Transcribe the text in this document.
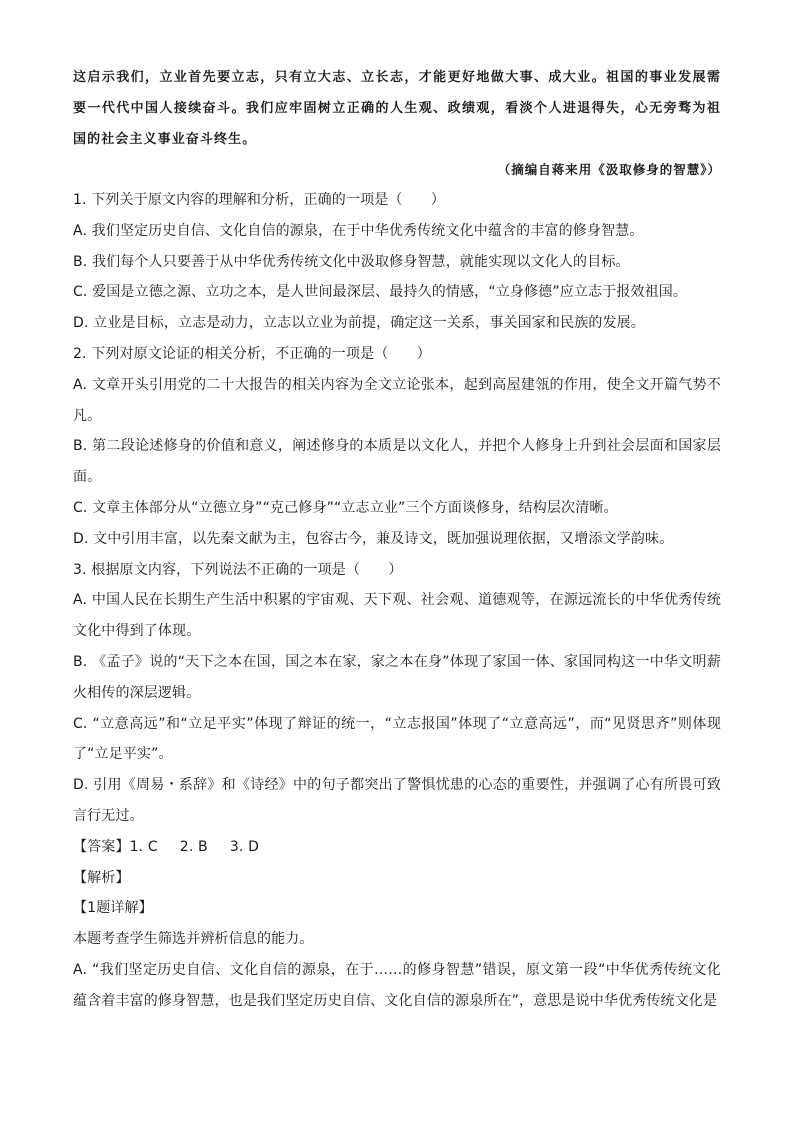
这启示我们，立业首先要立志，只有立大志、立长志，才能更好地做大事、成大业。祖国的事业发展需要一代代中国人接续奋斗。我们应牢固树立正确的人生观、政绩观，看淡个人进退得失，心无旁骛为祖国的社会主义事业奋斗终生。

（摘编自蒋来用《汲取修身的智慧》）

1. 下列关于原文内容的理解和分析，正确的一项是（　　）

A. 我们坚定历史自信、文化自信的源泉，在于中华优秀传统文化中蕴含的丰富的修身智慧。

B. 我们每个人只要善于从中华优秀传统文化中汲取修身智慧，就能实现以文化人的目标。

C. 爱国是立德之源、立功之本，是人世间最深层、最持久的情感，“立身修德”应立志于报效祖国。

D. 立业是目标，立志是动力，立志以立业为前提，确定这一关系，事关国家和民族的发展。

2. 下列对原文论证的相关分析，不正确的一项是（　　）

A. 文章开头引用党的二十大报告的相关内容为全文立论张本，起到高屋建瓴的作用，使全文开篇气势不凡。

B. 第二段论述修身的价值和意义，阐述修身的本质是以文化人，并把个人修身上升到社会层面和国家层面。

C. 文章主体部分从“立德立身”“克己修身”“立志立业”三个方面谈修身，结构层次清晰。

D. 文中引用丰富，以先秦文献为主，包容古今，兼及诗文，既加强说理依据，又增添文学韵味。

3. 根据原文内容，下列说法不正确的一项是（　　）

A. 中国人民在长期生产生活中积累的宇宙观、天下观、社会观、道德观等，在源远流长的中华优秀传统文化中得到了体现。

B. 《孟子》说的“天下之本在国，国之本在家，家之本在身”体现了家国一体、家国同构这一中华文明薪火相传的深层逻辑。

C. “立意高远”和“立足平实”体现了辩证的统一，“立志报国”体现了“立意高远”，而“见贤思齐”则体现了“立足平实”。

D. 引用《周易・系辞》和《诗经》中的句子都突出了警惧忧患的心态的重要性，并强调了心有所畏可致言行无过。

【答案】1. C 2. B 3. D

【解析】

【1题详解】

本题考查学生筛选并辨析信息的能力。

A. “我们坚定历史自信、文化自信的源泉，在于……的修身智慧”错误，原文第一段“中华优秀传统文化蕴含着丰富的修身智慧，也是我们坚定历史自信、文化自信的源泉所在”，意思是说中华优秀传统文化是
